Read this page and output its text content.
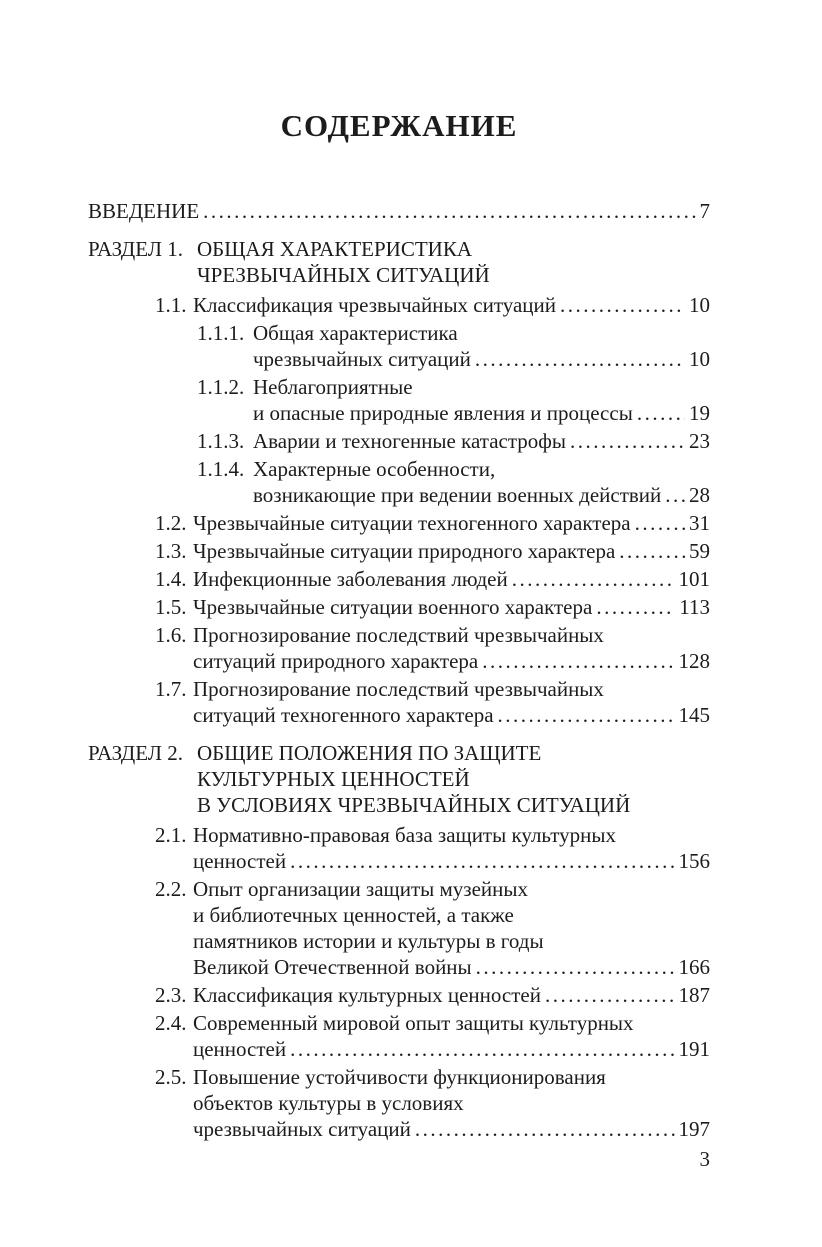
СОДЕРЖАНИЕ
ВВЕДЕНИЕ .....	7
РАЗДЕЛ 1. ОБЩАЯ ХАРАКТЕРИСТИКА
ЧРЕЗВЫЧАЙНЫХ СИТУАЦИЙ
1.1. Классификация чрезвычайных ситуаций .....	10
1.1.1. Общая характеристика
чрезвычайных ситуаций .....	10
1.1.2. Неблагоприятные
и опасные природные явления и процессы .....	19
1.1.3. Аварии и техногенные катастрофы .....	23
1.1.4. Характерные особенности,
возникающие при ведении военных действий ..... 28
1.2. Чрезвычайные ситуации техногенного характера .....	31
1.3. Чрезвычайные ситуации природного характера .....	59
1.4. Инфекционные заболевания людей .....	101
1.5. Чрезвычайные ситуации военного характера .....	113
1.6. Прогнозирование последствий чрезвычайных
ситуаций природного характера .....	128
1.7. Прогнозирование последствий чрезвычайных
ситуаций техногенного характера .....	145
РАЗДЕЛ 2. ОБЩИЕ ПОЛОЖЕНИЯ ПО ЗАЩИТЕ
КУЛЬТУРНЫХ ЦЕННОСТЕЙ
В УСЛОВИЯХ ЧРЕЗВЫЧАЙНЫХ СИТУАЦИЙ
2.1. Нормативно-правовая база защиты культурных
ценностей .....	156
2.2. Опыт организации защиты музейных
и библиотечных ценностей, а также
памятников истории и культуры в годы
Великой Отечественной войны .....	166
2.3. Классификация культурных ценностей .....	187
2.4. Современный мировой опыт защиты культурных
ценностей .....	191
2.5. Повышение устойчивости функционирования
объектов культуры в условиях
чрезвычайных ситуаций .....	197
3
